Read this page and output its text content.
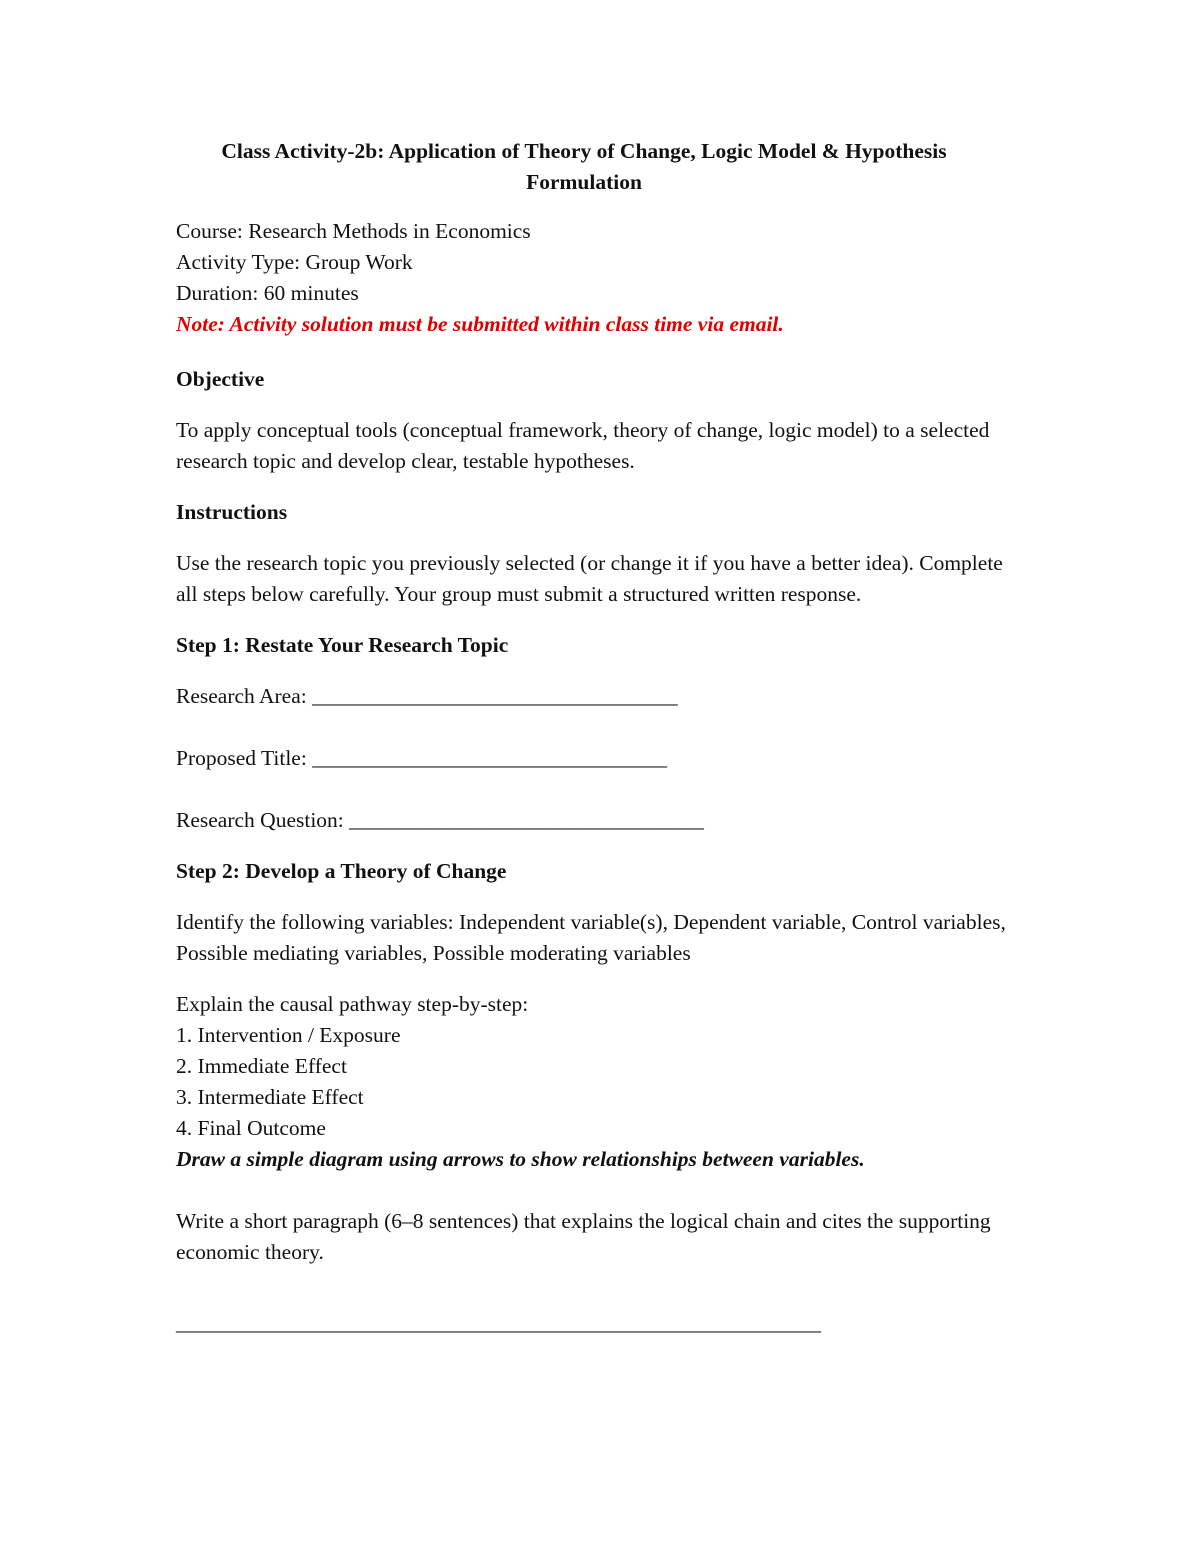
Class Activity-2b: Application of Theory of Change, Logic Model & Hypothesis Formulation

Course: Research Methods in Economics

Activity Type: Group Work

Duration: 60 minutes

Note: Activity solution must be submitted within class time via email.

Objective

To apply conceptual tools (conceptual framework, theory of change, logic model) to a selected research topic and develop clear, testable hypotheses.

Instructions

Use the research topic you previously selected (or change it if you have a better idea). Complete all steps below carefully. Your group must submit a structured written response.

Step 1: Restate Your Research Topic

Research Area: __________________________________

Proposed Title: _________________________________

Research Question: _________________________________

Step 2: Develop a Theory of Change

Identify the following variables: Independent variable(s), Dependent variable, Control variables, Possible mediating variables, Possible moderating variables

Explain the causal pathway step-by-step:

1. Intervention / Exposure

2. Immediate Effect

3. Intermediate Effect

4. Final Outcome

Draw a simple diagram using arrows to show relationships between variables.

Write a short paragraph (6–8 sentences) that explains the logical chain and cites the supporting economic theory.

____________________________________________________________
